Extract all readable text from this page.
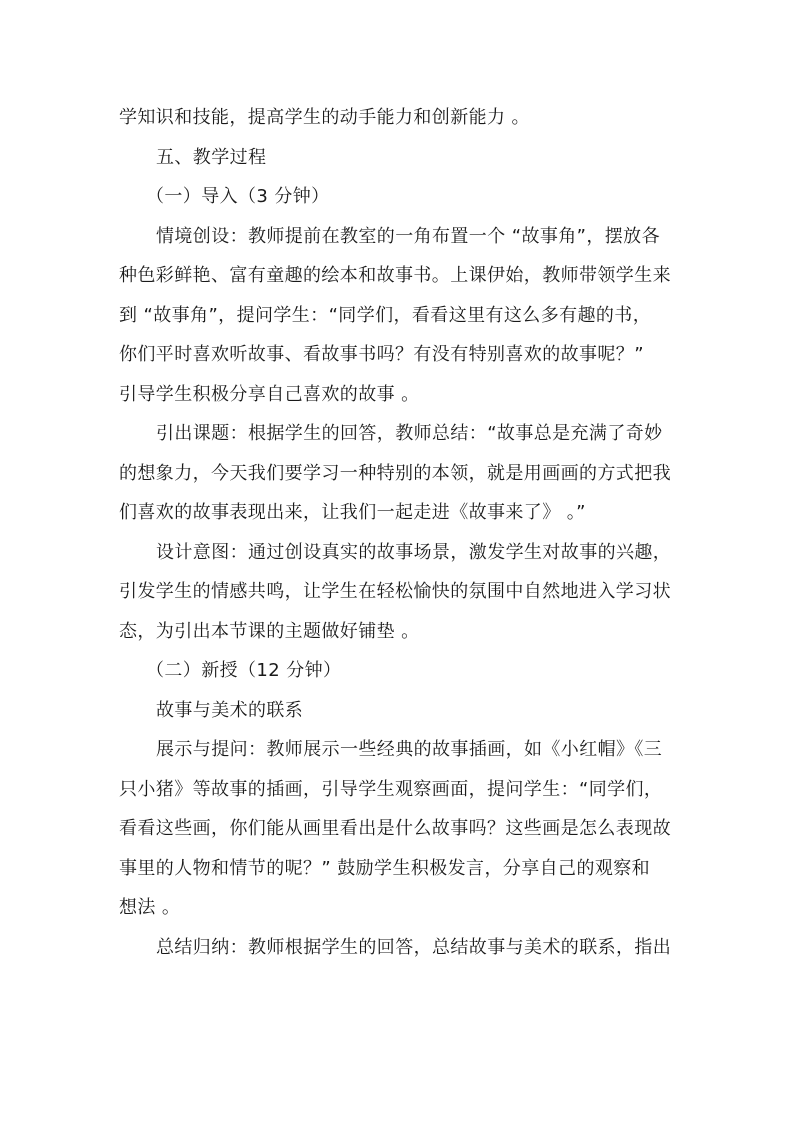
学知识和技能，提高学生的动手能力和创新能力 。
五、教学过程
（一）导入（3 分钟）
情境创设：教师提前在教室的一角布置一个 “故事角”，摆放各
种色彩鲜艳、富有童趣的绘本和故事书。上课伊始，教师带领学生来
到 “故事角”，提问学生：“同学们，看看这里有这么多有趣的书，
你们平时喜欢听故事、看故事书吗？有没有特别喜欢的故事呢？”
引导学生积极分享自己喜欢的故事 。
引出课题：根据学生的回答，教师总结：“故事总是充满了奇妙
的想象力，今天我们要学习一种特别的本领，就是用画画的方式把我
们喜欢的故事表现出来，让我们一起走进《故事来了》 。”
设计意图：通过创设真实的故事场景，激发学生对故事的兴趣，
引发学生的情感共鸣，让学生在轻松愉快的氛围中自然地进入学习状
态，为引出本节课的主题做好铺垫 。
（二）新授（12 分钟）
故事与美术的联系
展示与提问：教师展示一些经典的故事插画，如《小红帽》《三
只小猪》等故事的插画，引导学生观察画面，提问学生：“同学们，
看看这些画，你们能从画里看出是什么故事吗？这些画是怎么表现故
事里的人物和情节的呢？” 鼓励学生积极发言，分享自己的观察和
想法 。
总结归纳：教师根据学生的回答，总结故事与美术的联系，指出
